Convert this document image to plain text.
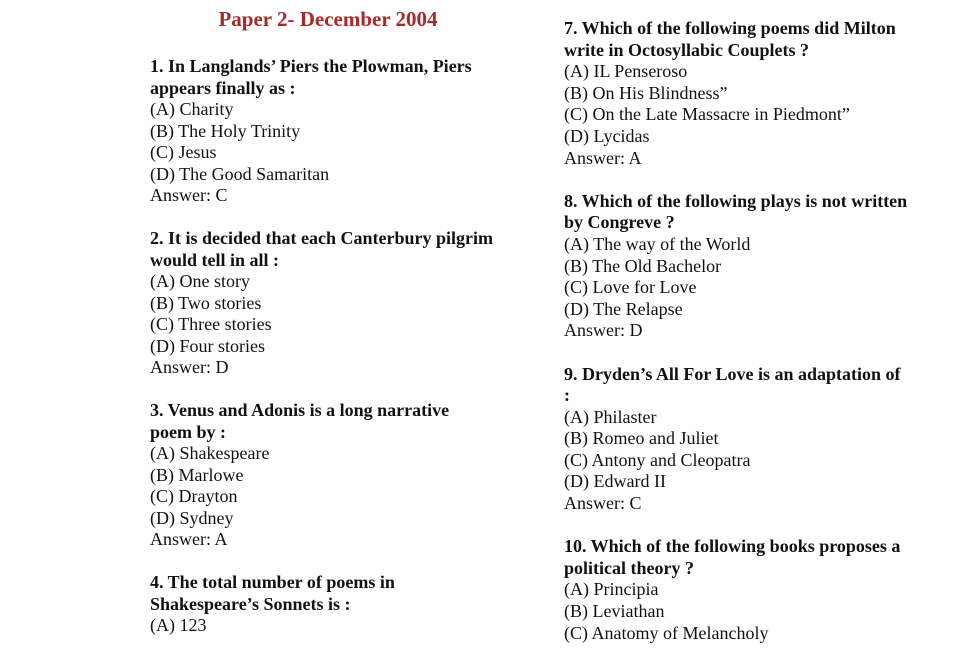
Paper 2- December 2004
1. In Langlands’ Piers the Plowman, Piers
appears finally as :
(A) Charity
(B) The Holy Trinity
(C) Jesus
(D) The Good Samaritan
Answer: C
2. It is decided that each Canterbury pilgrim
would tell in all :
(A) One story
(B) Two stories
(C) Three stories
(D) Four stories
Answer: D
3. Venus and Adonis is a long narrative
poem by :
(A) Shakespeare
(B) Marlowe
(C) Drayton
(D) Sydney
Answer: A
4. The total number of poems in
Shakespeare’s Sonnets is :
(A) 123
7. Which of the following poems did Milton
write in Octosyllabic Couplets ?
(A) IL Penseroso
(B) On His Blindness”
(C) On the Late Massacre in Piedmont”
(D) Lycidas
Answer: A
8. Which of the following plays is not written
by Congreve ?
(A) The way of the World
(B) The Old Bachelor
(C) Love for Love
(D) The Relapse
Answer: D
9. Dryden’s All For Love is an adaptation of
:
(A) Philaster
(B) Romeo and Juliet
(C) Antony and Cleopatra
(D) Edward II
Answer: C
10. Which of the following books proposes a
political theory ?
(A) Principia
(B) Leviathan
(C) Anatomy of Melancholy
